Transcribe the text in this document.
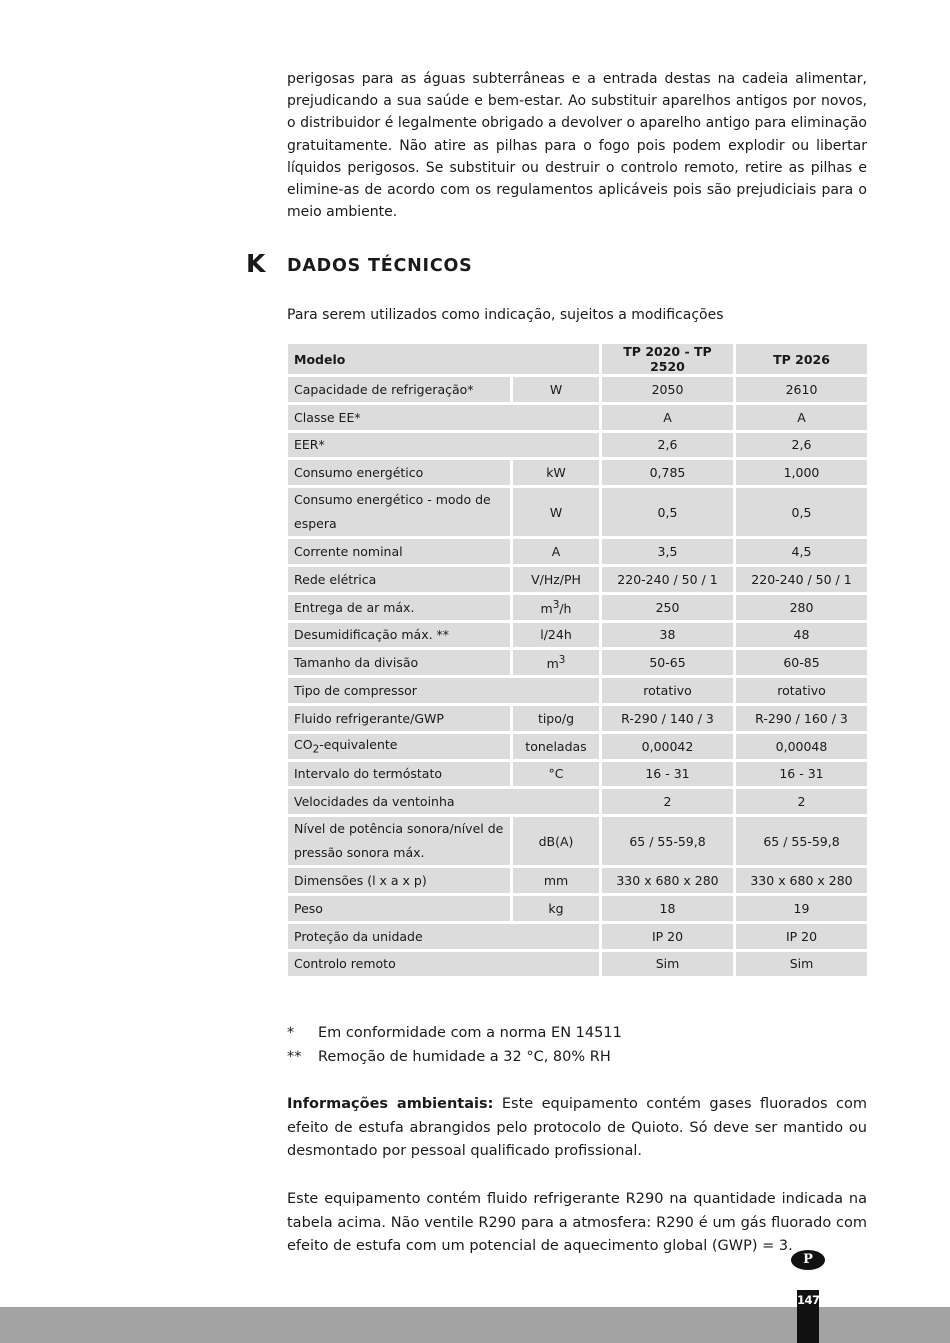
perigosas para as águas subterrâneas e a entrada destas na cadeia alimentar, prejudicando a sua saúde e bem-estar. Ao substituir aparelhos antigos por novos, o distribuidor é legalmente obrigado a devolver o aparelho antigo para eliminação gratuitamente. Não atire as pilhas para o fogo pois podem explodir ou libertar líquidos perigosos. Se substituir ou destruir o controlo remoto, retire as pilhas e elimine-as de acordo com os regulamentos aplicáveis pois são prejudiciais para o meio ambiente.

K DADOS TÉCNICOS

Para serem utilizados como indicação, sujeitos a modificações

Modelo		TP 2020 - TP 2520	TP 2026
Capacidade de refrigeração*	W	2050	2610
Classe EE*		A	A
EER*		2,6	2,6
Consumo energético	kW	0,785	1,000
Consumo energético - modo de espera	W	0,5	0,5
Corrente nominal	A	3,5	4,5
Rede elétrica	V/Hz/PH	220-240 / 50 / 1	220-240 / 50 / 1
Entrega de ar máx.	$m^3/h$	250	280
Desumidificação máx. **	l/24h	38	48
Tamanho da divisão	$m^3$	50-65	60-85
Tipo de compressor		rotativo	rotativo
Fluido refrigerante/GWP	tipo/g	R-290 / 140 / 3	R-290 / 160 / 3
$CO_2$-equivalente	toneladas	0,00042	0,00048
Intervalo do termóstato	°C	16 - 31	16 - 31
Velocidades da ventoinha		2	2
Nível de potência sonora/nível de pressão sonora máx.	dB(A)	65 / 55-59,8	65 / 55-59,8
Dimensões (l x a x p)	mm	330 x 680 x 280	330 x 680 x 280
Peso	kg	18	19
Proteção da unidade		IP 20	IP 20
Controlo remoto		Sim	Sim
*	Em conformidade com a norma EN 14511
**	Remoção de humidade a 32 °C, 80% RH

Informações ambientais: Este equipamento contém gases fluorados com efeito de estufa abrangidos pelo protocolo de Quioto. Só deve ser mantido ou desmontado por pessoal qualificado profissional.

Este equipamento contém fluido refrigerante R290 na quantidade indicada na tabela acima. Não ventile R290 para a atmosfera: R290 é um gás fluorado com efeito de estufa com um potencial de aquecimento global (GWP) = 3.

P
147
